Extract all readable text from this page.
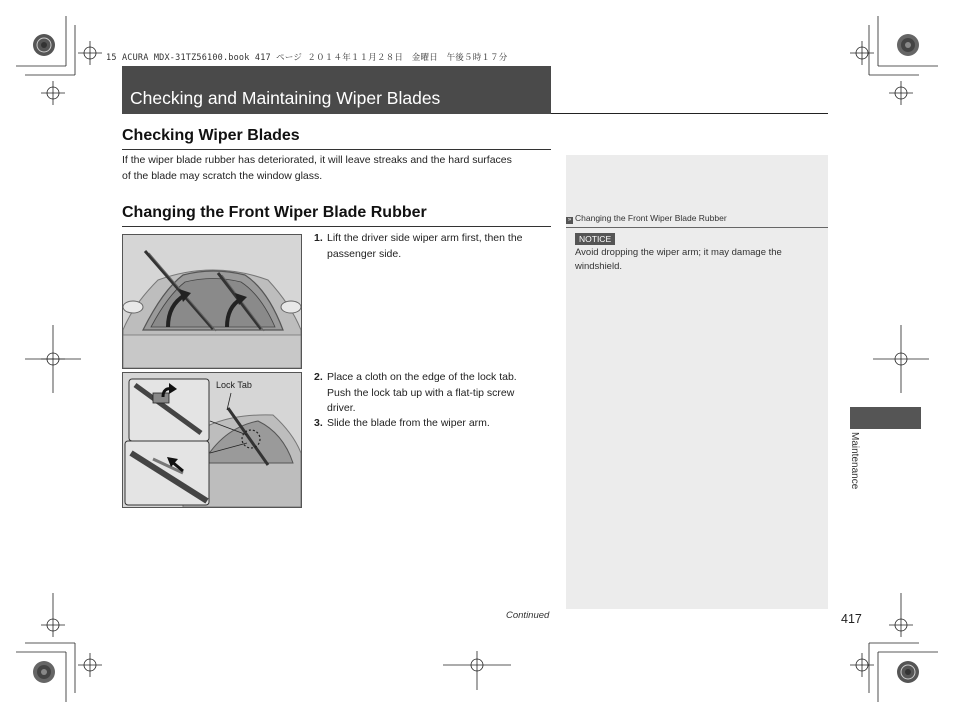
15 ACURA MDX-31TZ56100.book 417 ページ ２０１４年１１月２８日　金曜日　午後５時１７分
Checking and Maintaining Wiper Blades
Checking Wiper Blades
If the wiper blade rubber has deteriorated, it will leave streaks and the hard surfaces
of the blade may scratch the window glass.
Changing the Front Wiper Blade Rubber	» Changing the Front Wiper Blade Rubber
NOTICE
Avoid dropping the wiper arm; it may damage the
windshield.
Lock Tab
1. Lift the driver side wiper arm first, then the
passenger side.
2. Place a cloth on the edge of the lock tab.
Push the lock tab up with a flat-tip screw
driver.
3. Slide the blade from the wiper arm.
Maintenance
Continued	417
